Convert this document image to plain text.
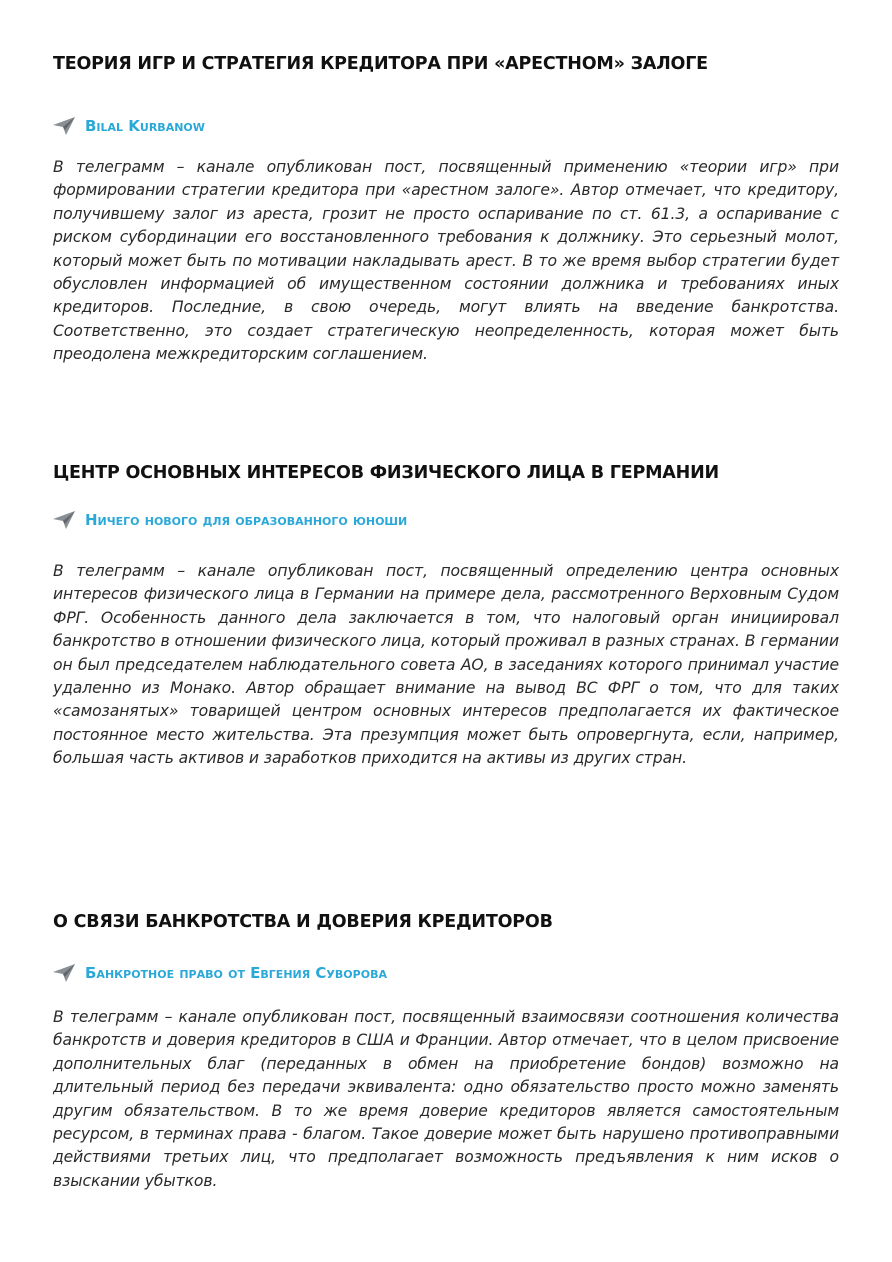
ТЕОРИЯ ИГР И СТРАТЕГИЯ КРЕДИТОРА ПРИ «АРЕСТНОМ» ЗАЛОГЕ
Bilal Kurbanow

В телеграмм – канале опубликован пост, посвященный применению «теории игр» при формировании стратегии кредитора при «арестном залоге». Автор отмечает, что кредитору, получившему залог из ареста, грозит не просто оспаривание по ст. 61.3, а оспаривание с риском субординации его восстановленного требования к должнику. Это серьезный молот, который может быть по мотивации накладывать арест. В то же время выбор стратегии будет обусловлен информацией об имущественном состоянии должника и требованиях иных кредиторов. Последние, в свою очередь, могут влиять на введение банкротства. Соответственно, это создает стратегическую неопределенность, которая может быть преодолена межкредиторским соглашением.

ЦЕНТР ОСНОВНЫХ ИНТЕРЕСОВ ФИЗИЧЕСКОГО ЛИЦА В ГЕРМАНИИ
Ничего нового для образованного юноши

В телеграмм – канале опубликован пост, посвященный определению центра основных интересов физического лица в Германии на примере дела, рассмотренного Верховным Судом ФРГ. Особенность данного дела заключается в том, что налоговый орган инициировал банкротство в отношении физического лица, который проживал в разных странах. В германии он был председателем наблюдательного совета АО, в заседаниях которого принимал участие удаленно из Монако. Автор обращает внимание на вывод ВС ФРГ о том, что для таких «самозанятых» товарищей центром основных интересов предполагается их фактическое постоянное место жительства. Эта презумпция может быть опровергнута, если, например, большая часть активов и заработков приходится на активы из других стран.

О СВЯЗИ БАНКРОТСТВА И ДОВЕРИЯ КРЕДИТОРОВ
Банкротное право от Евгения Суворова

В телеграмм – канале опубликован пост, посвященный взаимосвязи соотношения количества банкротств и доверия кредиторов в США и Франции. Автор отмечает, что в целом присвоение дополнительных благ (переданных в обмен на приобретение бондов) возможно на длительный период без передачи эквивалента: одно обязательство просто можно заменять другим обязательством. В то же время доверие кредиторов является самостоятельным ресурсом, в терминах права - благом. Такое доверие может быть нарушено противоправными действиями третьих лиц, что предполагает возможность предъявления к ним исков о взыскании убытков.
